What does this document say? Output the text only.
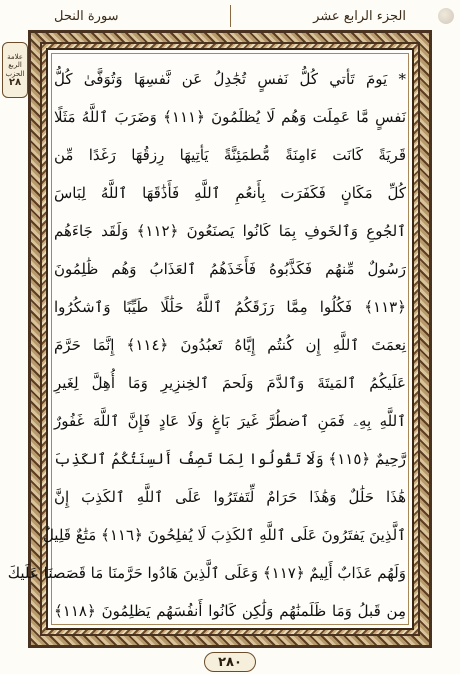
الجزء الرابع عشر
سورة النحل
علامة الربع
الحزب
٢٨ * يَومَ تَأتي كُلُّ نَفسٍ تُجَٰدِلُ عَن نَّفسِهَا وَتُوَفَّىٰ كُلُّ
نَفسٍ مَّا عَمِلَت وَهُم لَا يُظلَمُونَ ﴿١١١﴾ وَضَرَبَ ٱللَّهُ مَثَلًا
قَريَةً كَانَت ءَامِنَةً مُّطمَئِنَّةً يَأتِيهَا رِزقُهَا رَغَدًا مِّن
كُلِّ مَكَانٍ فَكَفَرَت بِأَنعُمِ ٱللَّهِ فَأَذَٰقَهَا ٱللَّهُ لِبَاسَ
ٱلجُوعِ وَٱلخَوفِ بِمَا كَانُوا يَصنَعُونَ ﴿١١٢﴾ وَلَقَد جَاءَهُم
رَسُولٌ مِّنهُم فَكَذَّبُوهُ فَأَخَذَهُمُ ٱلعَذَابُ وَهُم ظَٰلِمُونَ
﴿١١٣﴾ فَكُلُوا مِمَّا رَزَقَكُمُ ٱللَّهُ حَلَٰلًا طَيِّبًا وَٱشكُرُوا
نِعمَتَ ٱللَّهِ إِن كُنتُم إِيَّاهُ تَعبُدُونَ ﴿١١٤﴾ إِنَّمَا حَرَّمَ
عَلَيكُمُ ٱلمَيتَةَ وَٱلدَّمَ وَلَحمَ ٱلخِنزِيرِ وَمَا أُهِلَّ لِغَيرِ
ٱللَّهِ بِهِۦ فَمَنِ ٱضطُرَّ غَيرَ بَاغٍ وَلَا عَادٍ فَإِنَّ ٱللَّهَ غَفُورٌ
رَّحِيمٌ ﴿١١٥﴾ وَلَا تَقُولُوا لِمَا تَصِفُ أَلسِنَتُكُمُ ٱلكَذِبَ
هَٰذَا حَلَٰلٌ وَهَٰذَا حَرَامٌ لِّتَفتَرُوا عَلَى ٱللَّهِ ٱلكَذِبَ إِنَّ
ٱلَّذِينَ يَفتَرُونَ عَلَى ٱللَّهِ ٱلكَذِبَ لَا يُفلِحُونَ ﴿١١٦﴾ مَتَٰعٌ قَلِيلٌ
وَلَهُم عَذَابٌ أَلِيمٌ ﴿١١٧﴾ وَعَلَى ٱلَّذِينَ هَادُوا حَرَّمنَا مَا قَصَصنَا عَلَيكَ
مِن قَبلُ وَمَا ظَلَمنَٰهُم وَلَٰكِن كَانُوا أَنفُسَهُم يَظلِمُونَ ﴿١١٨﴾
٢٨٠
